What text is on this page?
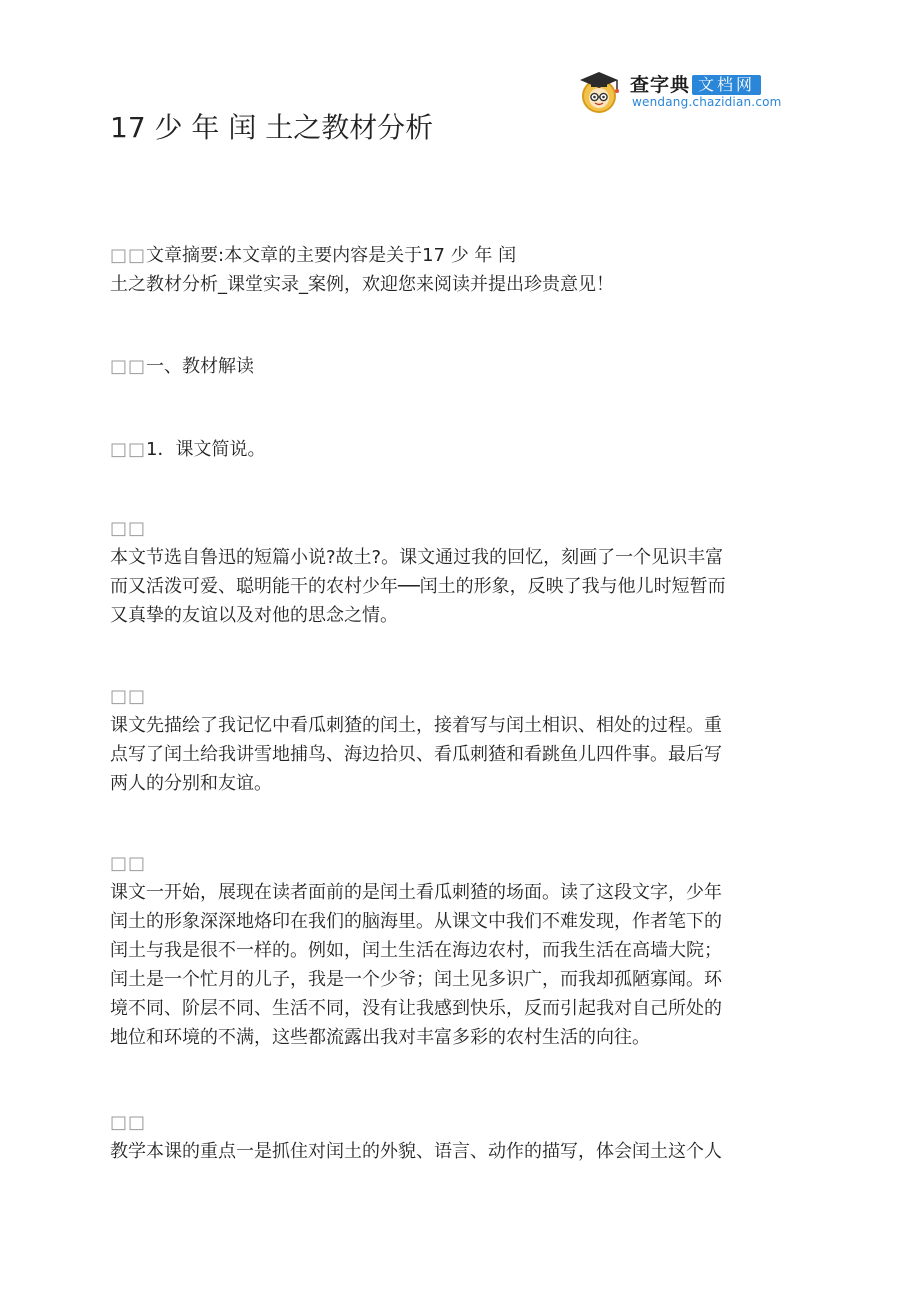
查字典 文档网
wendang.chazidian.com
17 少 年 闰 土之教材分析
□□文章摘要:本文章的主要内容是关于17 少 年 闰
土之教材分析_课堂实录_案例，欢迎您来阅读并提出珍贵意见！
□□一、教材解读
□□1．课文简说。
□□
本文节选自鲁迅的短篇小说?故土?。课文通过我的回忆，刻画了一个见识丰富
而又活泼可爱、聪明能干的农村少年──闰土的形象，反映了我与他儿时短暂而
又真挚的友谊以及对他的思念之情。
□□
课文先描绘了我记忆中看瓜刺猹的闰土，接着写与闰土相识、相处的过程。重
点写了闰土给我讲雪地捕鸟、海边拾贝、看瓜刺猹和看跳鱼儿四件事。最后写
两人的分别和友谊。
□□
课文一开始，展现在读者面前的是闰土看瓜刺猹的场面。读了这段文字，少年
闰土的形象深深地烙印在我们的脑海里。从课文中我们不难发现，作者笔下的
闰土与我是很不一样的。例如，闰土生活在海边农村，而我生活在高墙大院；
闰土是一个忙月的儿子，我是一个少爷；闰土见多识广，而我却孤陋寡闻。环
境不同、阶层不同、生活不同，没有让我感到快乐，反而引起我对自己所处的
地位和环境的不满，这些都流露出我对丰富多彩的农村生活的向往。
□□
教学本课的重点一是抓住对闰土的外貌、语言、动作的描写，体会闰土这个人
